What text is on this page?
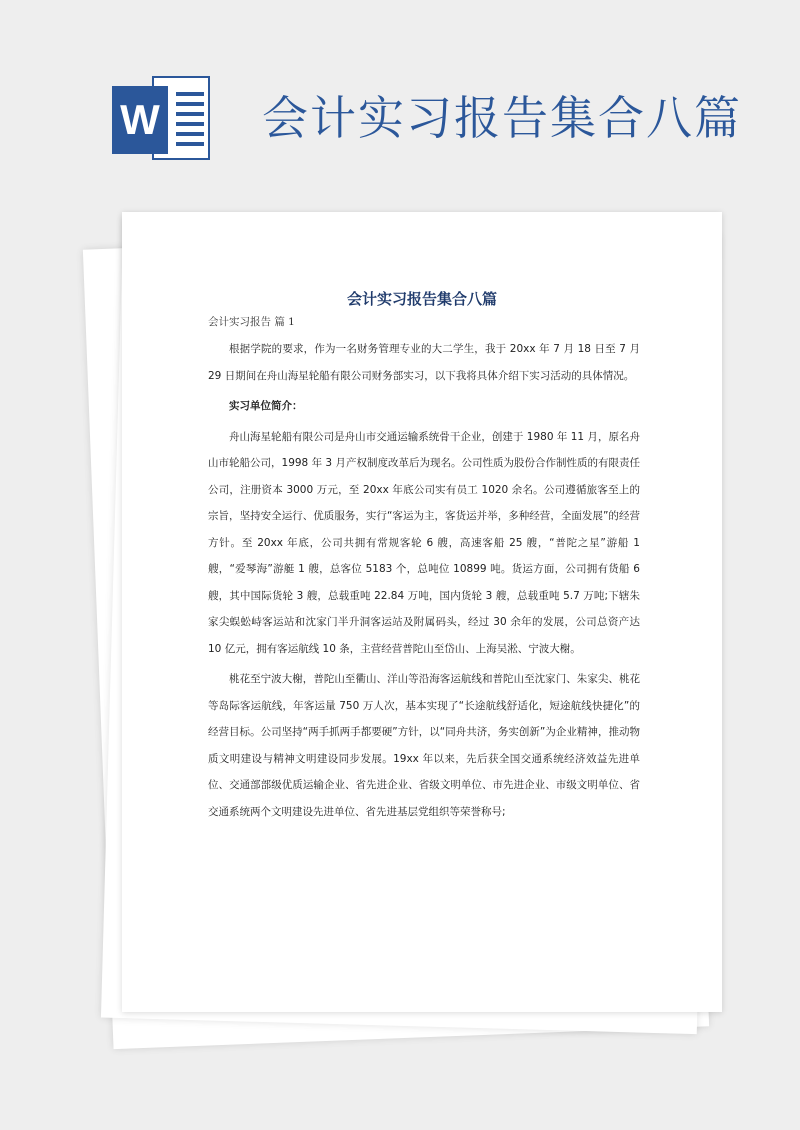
W 会计实习报告集合八篇
会计实习报告集合八篇
会计实习报告 篇 1

根据学院的要求，作为一名财务管理专业的大二学生，我于 20xx 年 7 月 18 日至 7 月 29 日期间在舟山海星轮船有限公司财务部实习，以下我将具体介绍下实习活动的具体情况。

实习单位简介：

舟山海星轮船有限公司是舟山市交通运输系统骨干企业，创建于 1980 年 11 月，原名舟山市轮船公司，1998 年 3 月产权制度改革后为现名。公司性质为股份合作制性质的有限责任公司，注册资本 3000 万元，至 20xx 年底公司实有员工 1020 余名。公司遵循旅客至上的宗旨，坚持安全运行、优质服务，实行“客运为主，客货运并举，多种经营，全面发展”的经营方针。至 20xx 年底，公司共拥有常规客轮 6 艘，高速客船 25 艘，“普陀之星”游船 1 艘，“爱琴海”游艇 1 艘，总客位 5183 个，总吨位 10899 吨。货运方面，公司拥有货船 6 艘，其中国际货轮 3 艘，总载重吨 22.84 万吨，国内货轮 3 艘，总载重吨 5.7 万吨;下辖朱家尖蜈蚣峙客运站和沈家门半升洞客运站及附属码头，经过 30 余年的发展，公司总资产达 10 亿元，拥有客运航线 10 条，主营经营普陀山至岱山、上海吴淞、宁波大榭。

桃花至宁波大榭，普陀山至衢山、洋山等沿海客运航线和普陀山至沈家门、朱家尖、桃花等岛际客运航线，年客运量 750 万人次，基本实现了“长途航线舒适化，短途航线快捷化”的经营目标。公司坚持“两手抓两手都要硬”方针，以“同舟共济，务实创新”为企业精神，推动物质文明建设与精神文明建设同步发展。19xx 年以来，先后获全国交通系统经济效益先进单位、交通部部级优质运输企业、省先进企业、省级文明单位、市先进企业、市级文明单位、省交通系统两个文明建设先进单位、省先进基层党组织等荣誉称号;
